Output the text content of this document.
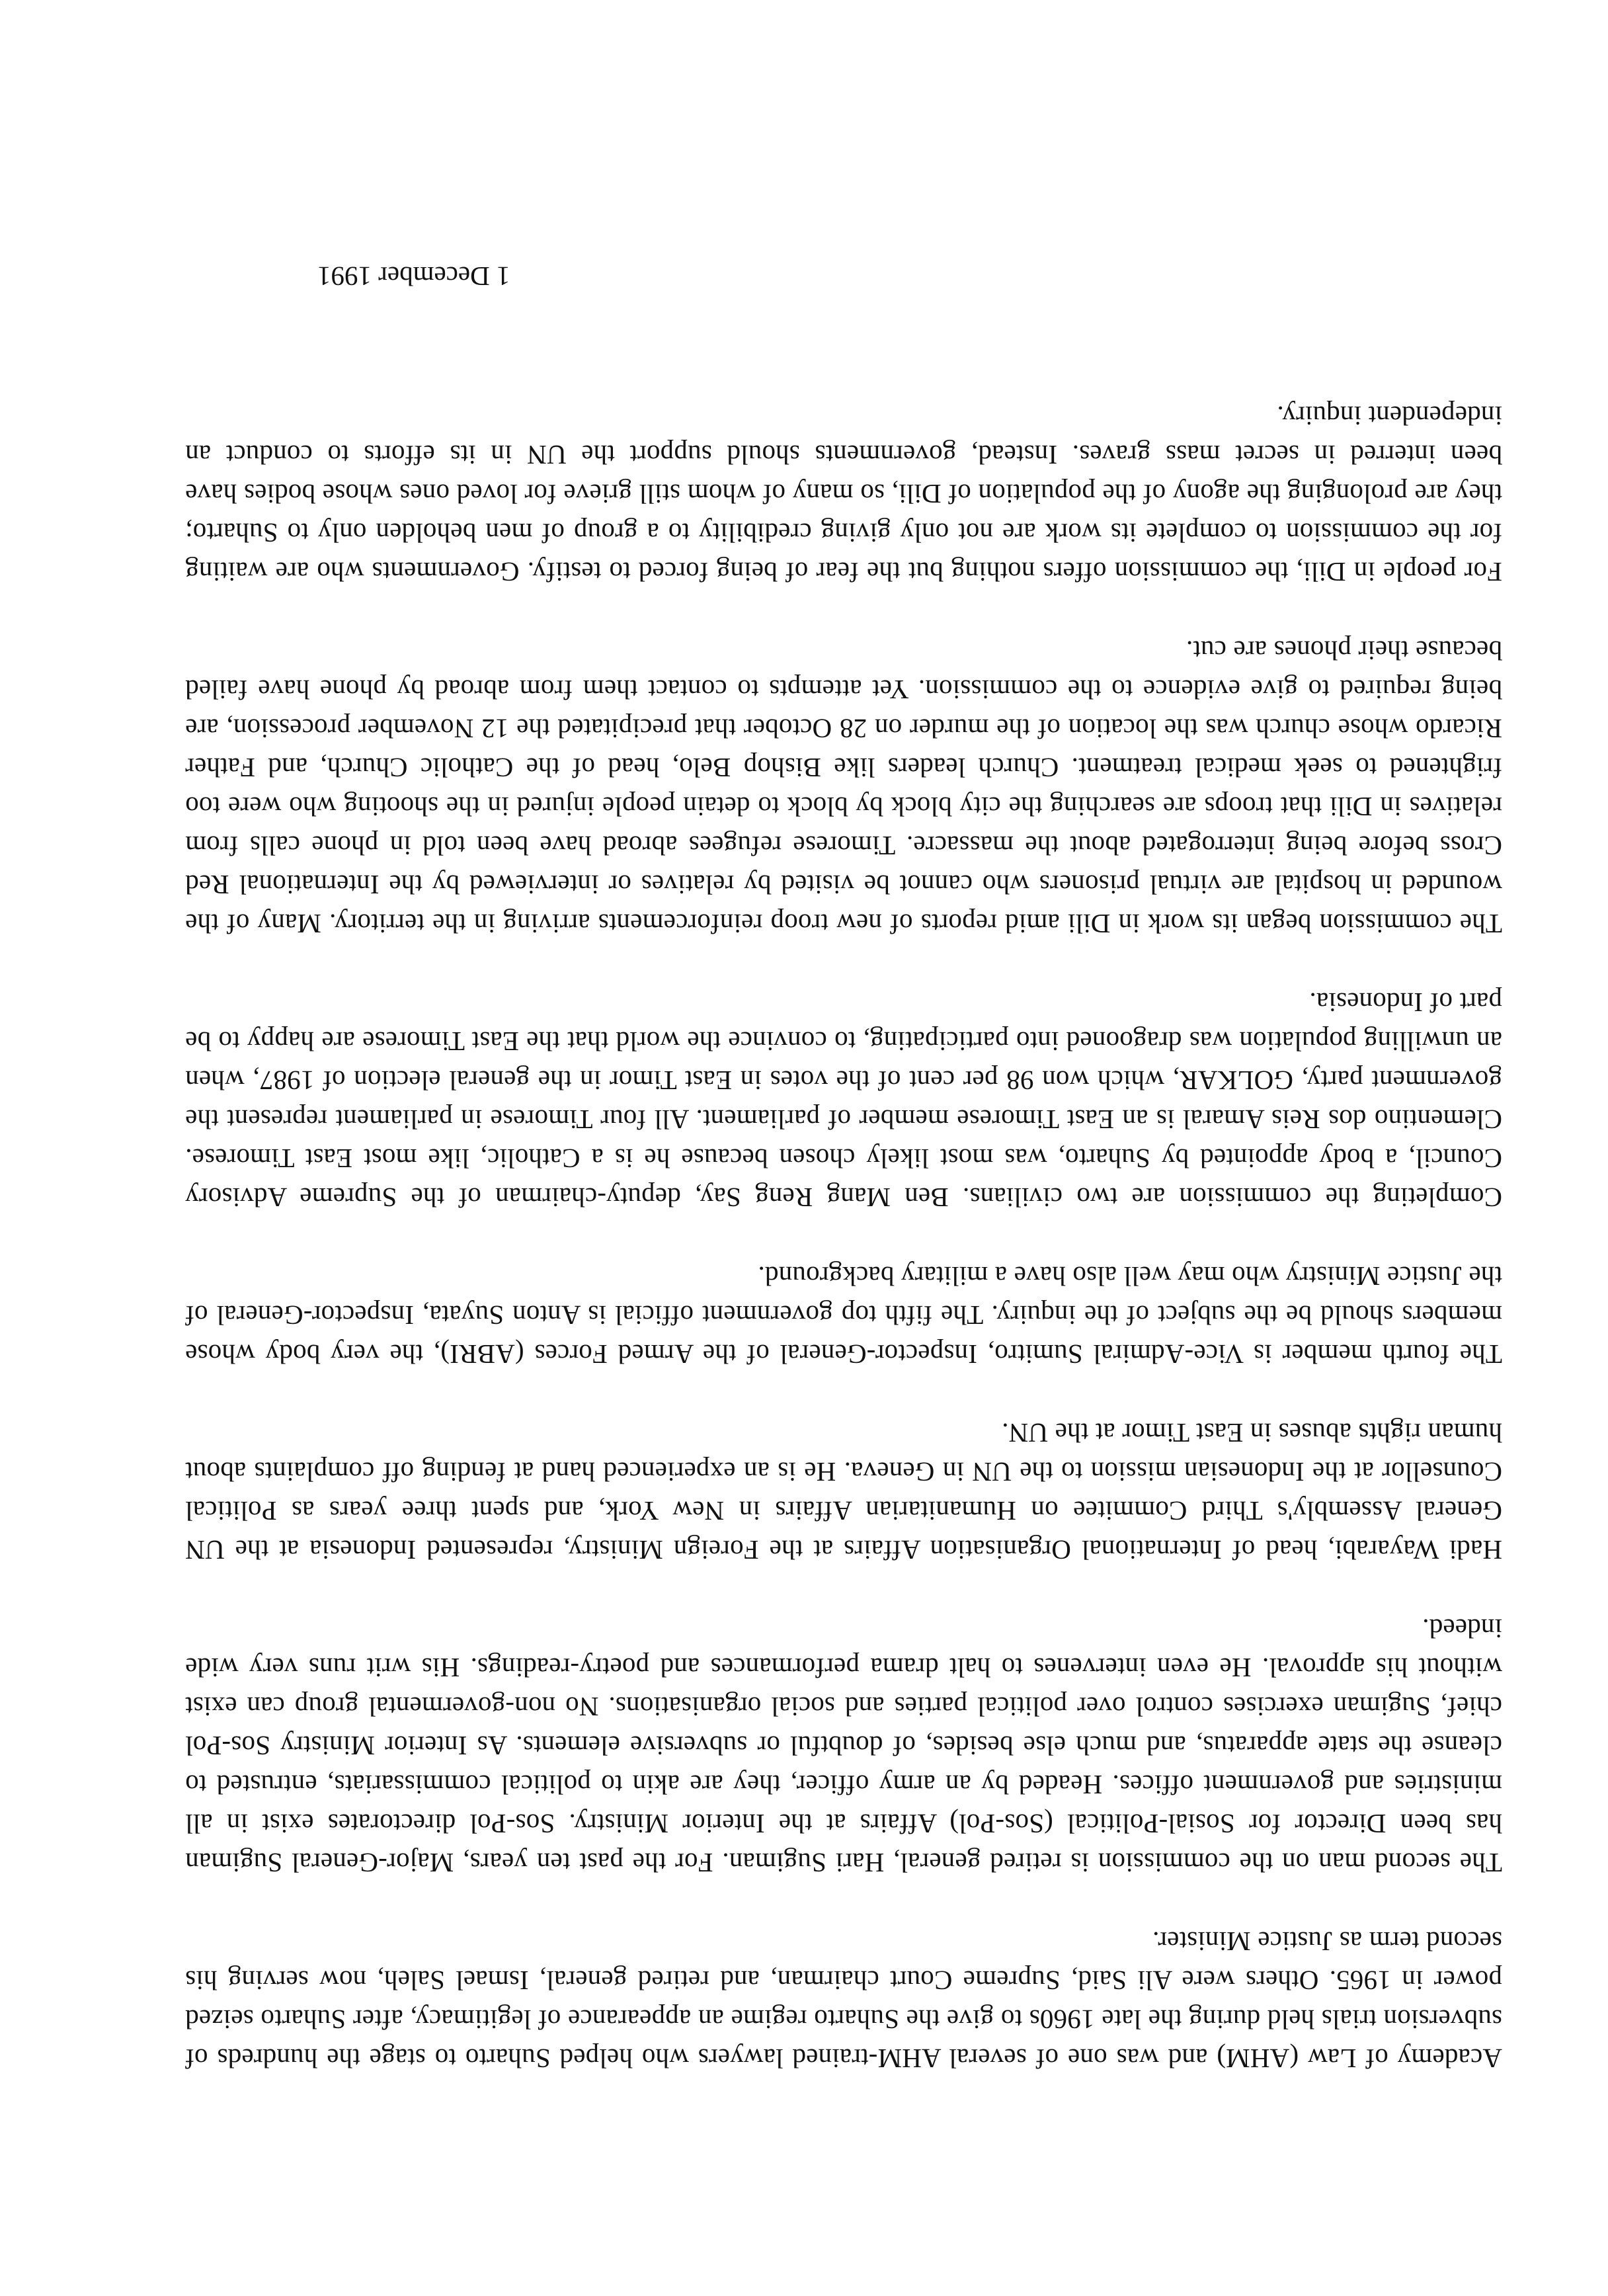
Academy of Law (AHM) and was one of several AHM-trained lawyers who helped Suharto to stage the hundreds of subversion trials held during the late 1960s to give the Suharto regime an appearance of legitimacy, after Suharto seized power in 1965. Others were Ali Said, Supreme Court chairman, and retired general, Ismael Saleh, now serving his second term as Justice Minister.

The second man on the commission is retired general, Hari Sugiman. For the past ten years, Major-General Sugiman has been Director for Sosial-Political (Sos-Pol) Affairs at the Interior Ministry. Sos-Pol directorates exist in all ministries and government offices. Headed by an army officer, they are akin to political commissariats, entrusted to cleanse the state apparatus, and much else besides, of doubtful or subversive elements. As Interior Ministry Sos-Pol chief, Sugiman exercises control over political parties and social organisations. No non-govermental group can exist without his approval. He even intervenes to halt drama performances and poetry-readings. His writ runs very wide indeed.

Hadi Wayarabi, head of International Organisation Affairs at the Foreign Ministry, represented Indonesia at the UN General Assembly's Third Commitee on Humanitarian Affairs in New York, and spent three years as Political Counsellor at the Indonesian mission to the UN in Geneva. He is an experienced hand at fending off complaints about human rights abuses in East Timor at the UN.

The fourth member is Vice-Admiral Sumitro, Inspector-General of the Armed Forces (ABRI), the very body whose members should be the subject of the inquiry. The fifth top government official is Anton Suyata, Inspector-General of the Justice Ministry who may well also have a military background.

Completing the commission are two civilians. Ben Mang Reng Say, deputy-chairman of the Supreme Advisory Council, a body appointed by Suharto, was most likely chosen because he is a Catholic, like most East Timorese. Clementino dos Reis Amaral is an East Timorese member of parliament. All four Timorese in parliament represent the government party, GOLKAR, which won 98 per cent of the votes in East Timor in the general election of 1987, when an unwilling population was dragooned into participating, to convince the world that the East Timorese are happy to be part of Indonesia.

The commission began its work in Dili amid reports of new troop reinforcements arriving in the territory. Many of the wounded in hospital are virtual prisoners who cannot be visited by relatives or interviewed by the International Red Cross before being interrogated about the massacre. Timorese refugees abroad have been told in phone calls from relatives in Dili that troops are searching the city block by block to detain people injured in the shooting who were too frightened to seek medical treatment. Church leaders like Bishop Belo, head of the Catholic Church, and Father Ricardo whose church was the location of the murder on 28 October that precipitated the 12 November procession, are being required to give evidence to the commission. Yet attempts to contact them from abroad by phone have failed because their phones are cut.

For people in Dili, the commission offers nothing but the fear of being forced to testify. Governments who are waiting for the commission to complete its work are not only giving credibility to a group of men beholden only to Suharto; they are prolonging the agony of the population of Dili, so many of whom still grieve for loved ones whose bodies have been interred in secret mass graves. Instead, governments should support the UN in its efforts to conduct an independent inquiry.

1 December 1991
